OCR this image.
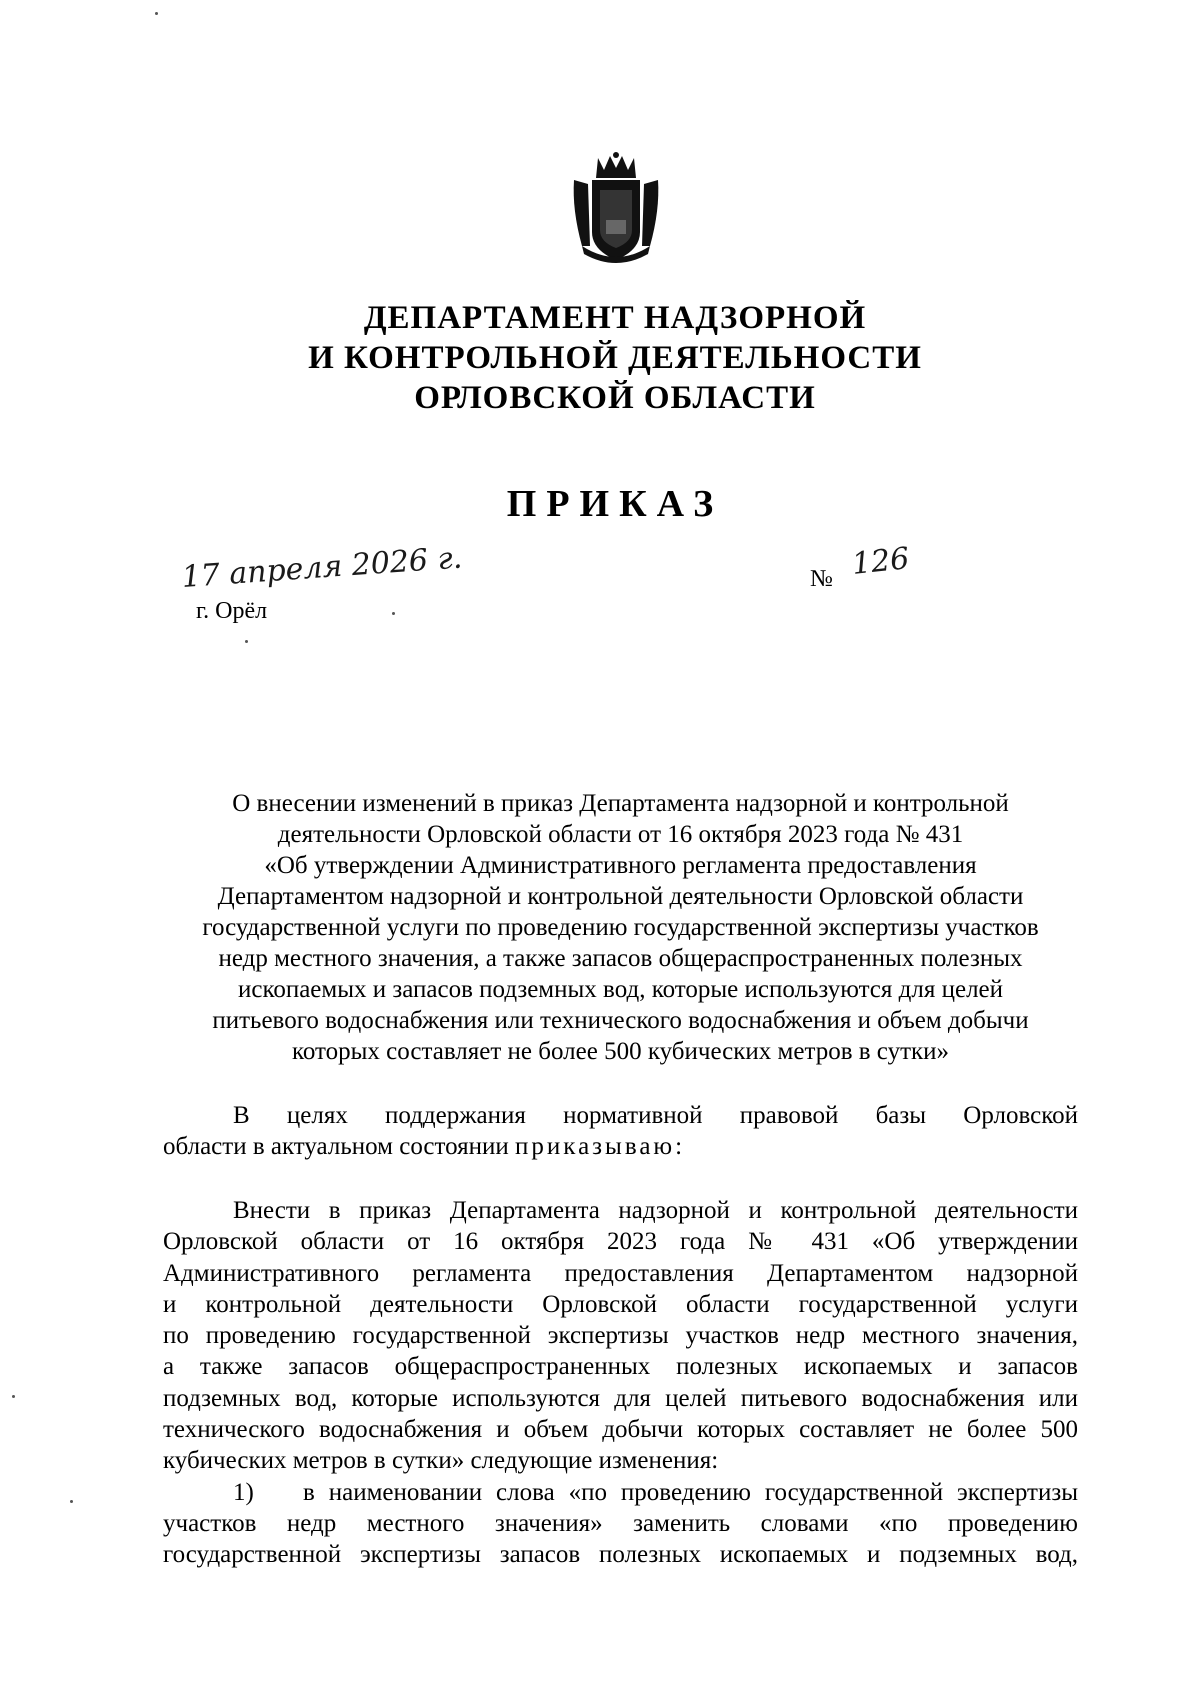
ДЕПАРТАМЕНТ НАДЗОРНОЙ
И КОНТРОЛЬНОЙ ДЕЯТЕЛЬНОСТИ
ОРЛОВСКОЙ ОБЛАСТИ
ПРИКАЗ
17 апреля 2026 г.
г. Орёл
№ 126
О внесении изменений в приказ Департамента надзорной и контрольной
деятельности Орловской области от 16 октября 2023 года № 431
«Об утверждении Административного регламента предоставления
Департаментом надзорной и контрольной деятельности Орловской области
государственной услуги по проведению государственной экспертизы участков
недр местного значения, а также запасов общераспространенных полезных
ископаемых и запасов подземных вод, которые используются для целей
питьевого водоснабжения или технического водоснабжения и объем добычи
которых составляет не более 500 кубических метров в сутки»
В целях поддержания нормативной правовой базы Орловской
области в актуальном состоянии приказываю:
Внести в приказ Департамента надзорной и контрольной деятельности
Орловской области от 16 октября 2023 года № 431 «Об утверждении
Административного регламента предоставления Департаментом надзорной
и контрольной деятельности Орловской области государственной услуги
по проведению государственной экспертизы участков недр местного значения,
а также запасов общераспространенных полезных ископаемых и запасов
подземных вод, которые используются для целей питьевого водоснабжения или
технического водоснабжения и объем добычи которых составляет не более 500
кубических метров в сутки» следующие изменения:
1) в наименовании слова «по проведению государственной экспертизы
участков недр местного значения» заменить словами «по проведению
государственной экспертизы запасов полезных ископаемых и подземных вод,
